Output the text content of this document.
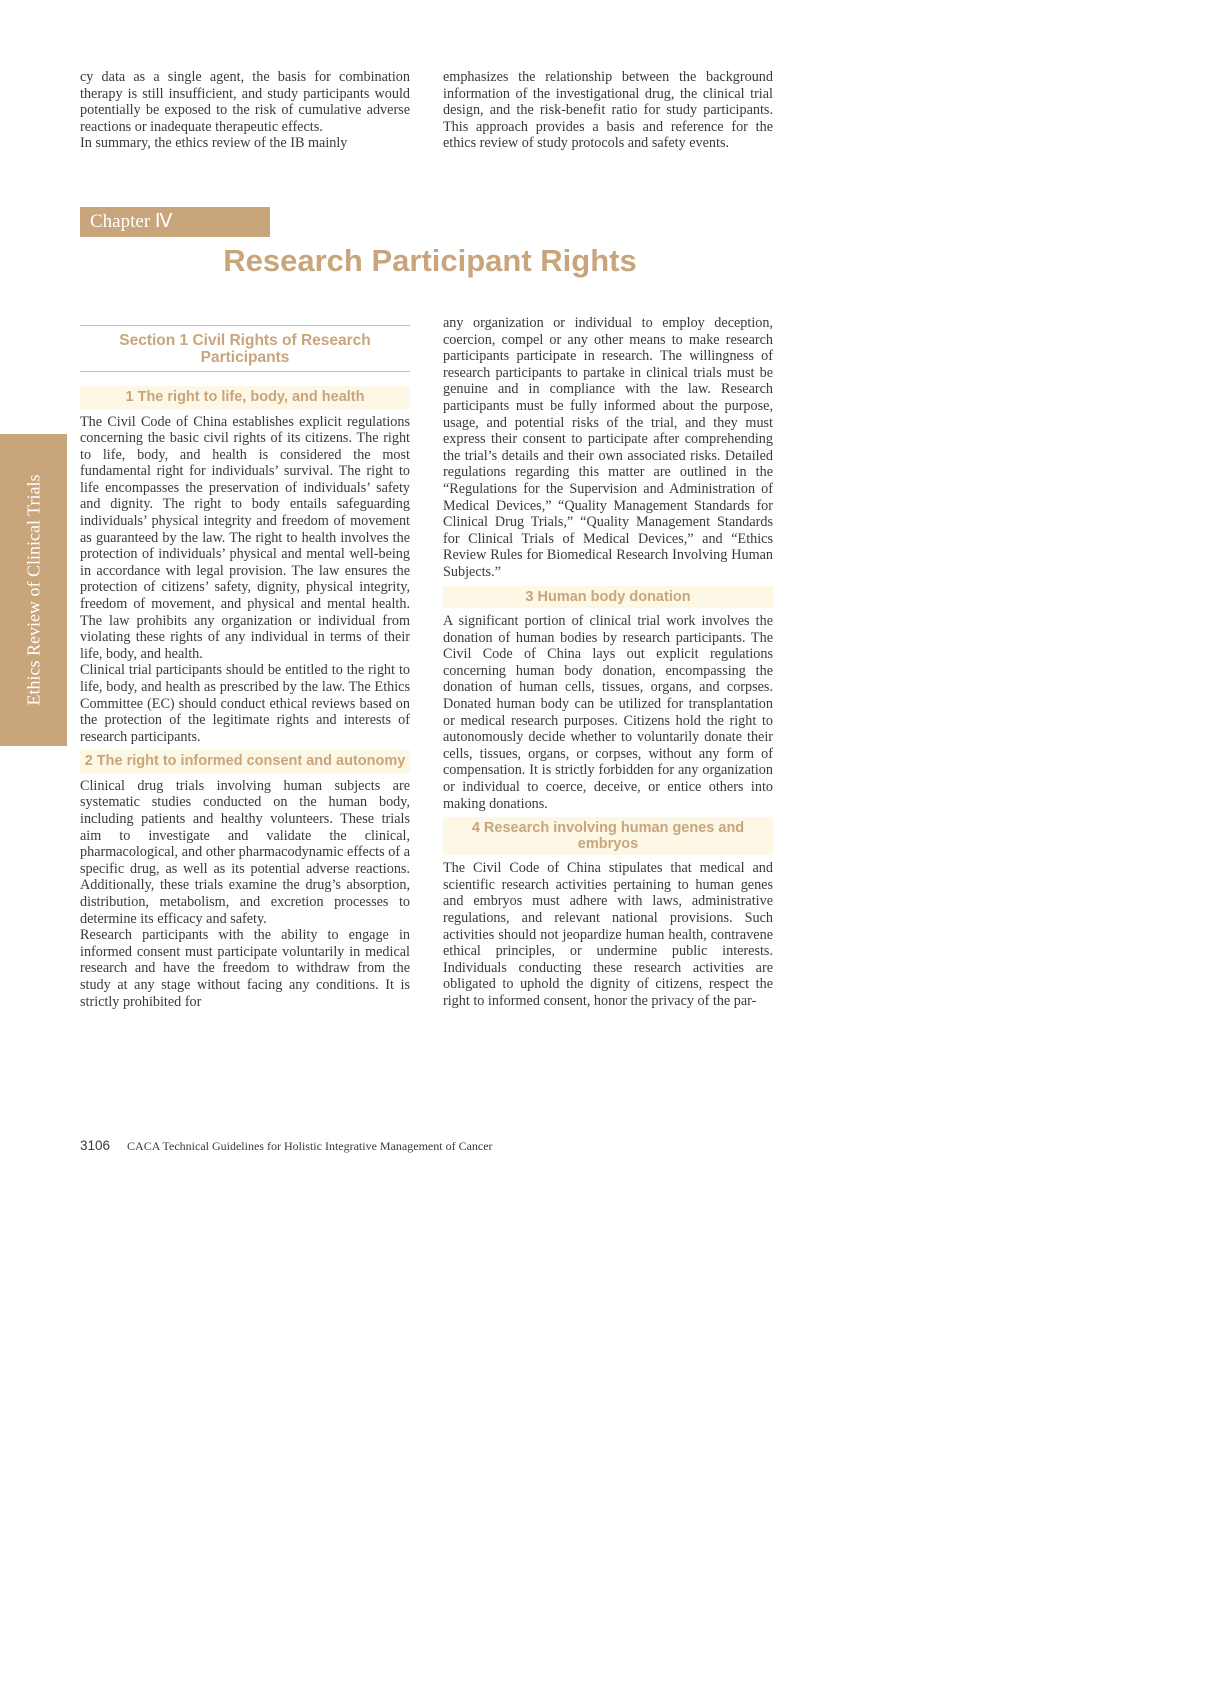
cy data as a single agent, the basis for combination therapy is still insufficient, and study participants would potentially be exposed to the risk of cumulative adverse reactions or inadequate therapeutic effects.

In summary, the ethics review of the IB mainly

emphasizes the relationship between the background information of the investigational drug, the clinical trial design, and the risk-benefit ratio for study participants. This approach provides a basis and reference for the ethics review of study protocols and safety events.

Chapter Ⅳ
Research Participant Rights
Section 1 Civil Rights of Research Participants
1 The right to life, body, and health

The Civil Code of China establishes explicit regulations concerning the basic civil rights of its citizens. The right to life, body, and health is considered the most fundamental right for individuals’ survival. The right to life encompasses the preservation of individuals’ safety and dignity. The right to body entails safeguarding individuals’ physical integrity and freedom of movement as guaranteed by the law. The right to health involves the protection of individuals’ physical and mental well-being in accordance with legal provision. The law ensures the protection of citizens’ safety, dignity, physical integrity, freedom of movement, and physical and mental health. The law prohibits any organization or individual from violating these rights of any individual in terms of their life, body, and health.

Clinical trial participants should be entitled to the right to life, body, and health as prescribed by the law. The Ethics Committee (EC) should conduct ethical reviews based on the protection of the legitimate rights and interests of research participants.

2 The right to informed consent and autonomy

Clinical drug trials involving human subjects are systematic studies conducted on the human body, including patients and healthy volunteers. These trials aim to investigate and validate the clinical, pharmacological, and other pharmacodynamic effects of a specific drug, as well as its potential adverse reactions. Additionally, these trials examine the drug’s absorption, distribution, metabolism, and excretion processes to determine its efficacy and safety.

Research participants with the ability to engage in informed consent must participate voluntarily in medical research and have the freedom to withdraw from the study at any stage without facing any conditions. It is strictly prohibited for

any organization or individual to employ deception, coercion, compel or any other means to make research participants participate in research. The willingness of research participants to partake in clinical trials must be genuine and in compliance with the law. Research participants must be fully informed about the purpose, usage, and potential risks of the trial, and they must express their consent to participate after comprehending the trial’s details and their own associated risks. Detailed regulations regarding this matter are outlined in the “Regulations for the Supervision and Administration of Medical Devices,” “Quality Management Standards for Clinical Drug Trials,” “Quality Management Standards for Clinical Trials of Medical Devices,” and “Ethics Review Rules for Biomedical Research Involving Human Subjects.”

3 Human body donation

A significant portion of clinical trial work involves the donation of human bodies by research participants. The Civil Code of China lays out explicit regulations concerning human body donation, encompassing the donation of human cells, tissues, organs, and corpses. Donated human body can be utilized for transplantation or medical research purposes. Citizens hold the right to autonomously decide whether to voluntarily donate their cells, tissues, organs, or corpses, without any form of compensation. It is strictly forbidden for any organization or individual to coerce, deceive, or entice others into making donations.

4 Research involving human genes and embryos

The Civil Code of China stipulates that medical and scientific research activities pertaining to human genes and embryos must adhere with laws, administrative regulations, and relevant national provisions. Such activities should not jeopardize human health, contravene ethical principles, or undermine public interests. Individuals conducting these research activities are obligated to uphold the dignity of citizens, respect the right to informed consent, honor the privacy of the par-

Ethics Review of Clinical Trials
3106 CACA Technical Guidelines for Holistic Integrative Management of Cancer
